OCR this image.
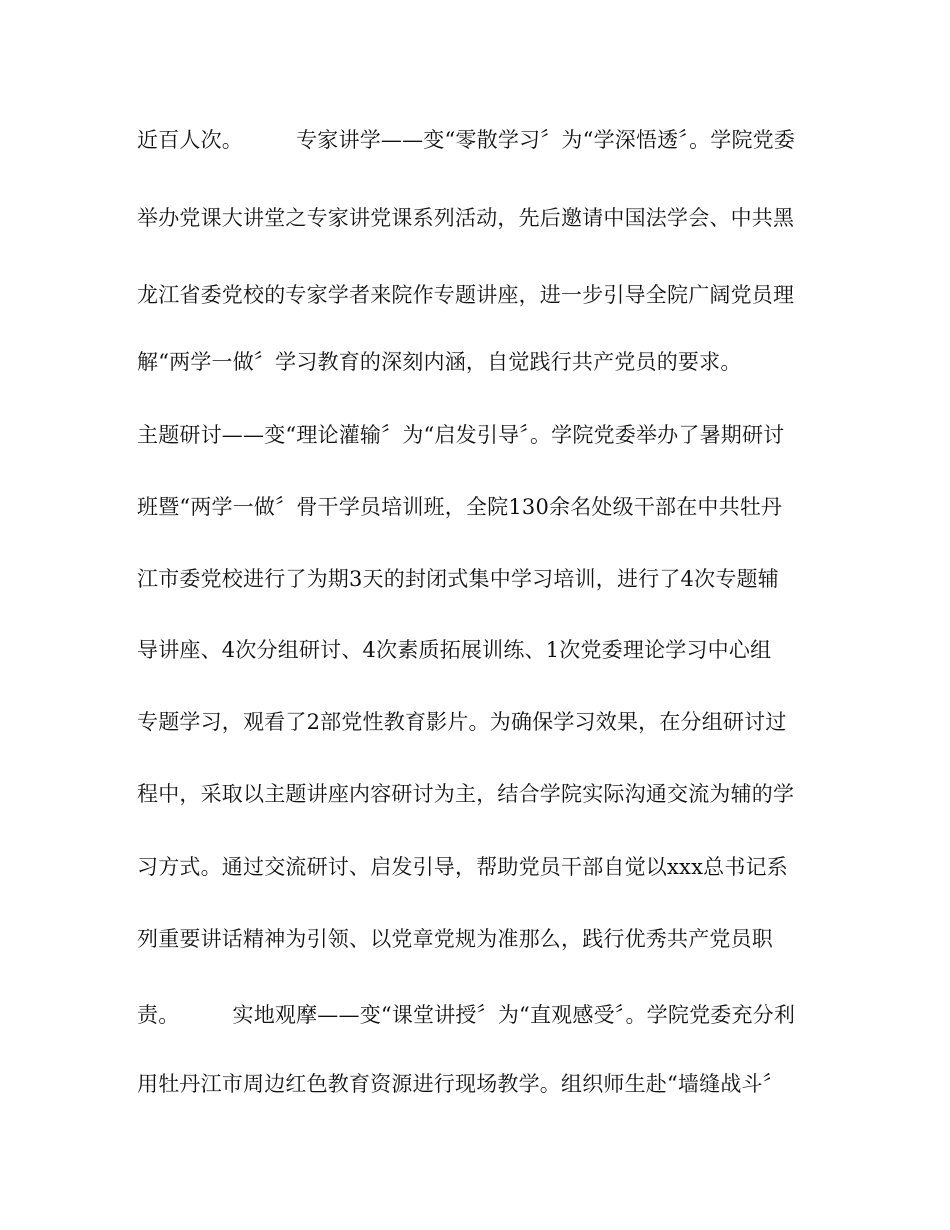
近百人次。　　　专家讲学——变“零散学习〞为“学深悟透〞。学院党委
举办党课大讲堂之专家讲党课系列活动，先后邀请中国法学会、中共黑
龙江省委党校的专家学者来院作专题讲座，进一步引导全院广阔党员理
解“两学一做〞学习教育的深刻内涵，自觉践行共产党员的要求。
主题研讨——变“理论灌输〞为“启发引导〞。学院党委举办了暑期研讨
班暨“两学一做〞骨干学员培训班，全院130余名处级干部在中共牡丹
江市委党校进行了为期3天的封闭式集中学习培训，进行了4次专题辅
导讲座、4次分组研讨、4次素质拓展训练、1次党委理论学习中心组
专题学习，观看了2部党性教育影片。为确保学习效果，在分组研讨过
程中，采取以主题讲座内容研讨为主，结合学院实际沟通交流为辅的学
习方式。通过交流研讨、启发引导，帮助党员干部自觉以xxx总书记系
列重要讲话精神为引领、以党章党规为准那么，践行优秀共产党员职
责。　　　实地观摩——变“课堂讲授〞为“直观感受〞。学院党委充分利
用牡丹江市周边红色教育资源进行现场教学。组织师生赴“墙缝战斗〞
